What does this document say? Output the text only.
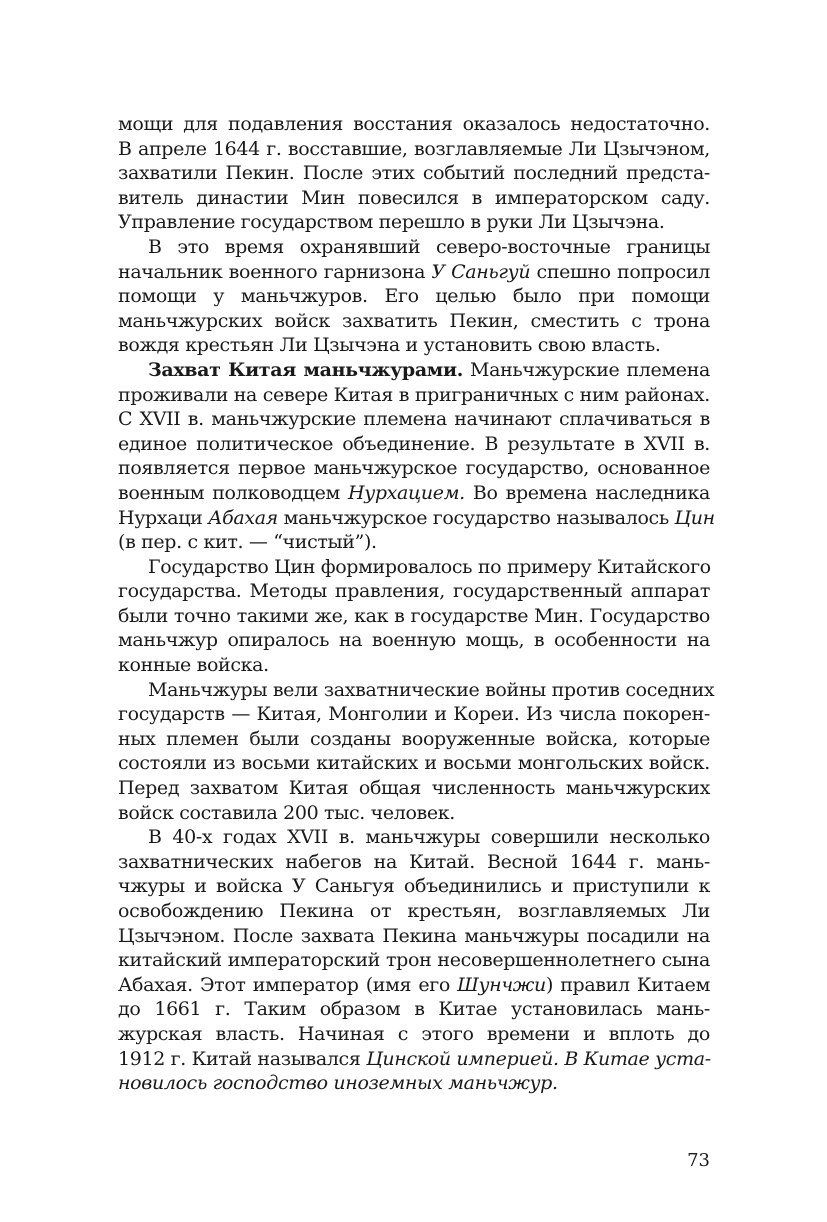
мощи для подавления восстания оказалось недостаточно.
В апреле 1644 г. восставшие, возглавляемые Ли Цзычэном,
захватили Пекин. После этих событий последний предста-
витель династии Мин повесился в императорском саду.
Управление государством перешло в руки Ли Цзычэна.
В это время охранявший северо-восточные границы
начальник военного гарнизона У Саньгуй спешно попросил
помощи у маньчжуров. Его целью было при помощи
маньчжурских войск захватить Пекин, сместить с трона
вождя крестьян Ли Цзычэна и установить свою власть.
Захват Китая маньчжурами. Маньчжурские племена
проживали на севере Китая в приграничных с ним районах.
С XVII в. маньчжурские племена начинают сплачиваться в
единое политическое объединение. В результате в XVII в.
появляется первое маньчжурское государство, основанное
военным полководцем Нурхацием. Во времена наследника
Нурхаци Абахая маньчжурское государство называлось Цин
(в пер. с кит. — “чистый”).
Государство Цин формировалось по примеру Китайского
государства. Методы правления, государственный аппарат
были точно такими же, как в государстве Мин. Государство
маньчжур опиралось на военную мощь, в особенности на
конные войска.
Маньчжуры вели захватнические войны против соседних
государств — Китая, Монголии и Кореи. Из числа покорен-
ных племен были созданы вооруженные войска, которые
состояли из восьми китайских и восьми монгольских войск.
Перед захватом Китая общая численность маньчжурских
войск составила 200 тыс. человек.
В 40-х годах XVII в. маньчжуры совершили несколько
захватнических набегов на Китай. Весной 1644 г. мань-
чжуры и войска У Саньгуя объединились и приступили к
освобождению Пекина от крестьян, возглавляемых Ли
Цзычэном. После захвата Пекина маньчжуры посадили на
китайский императорский трон несовершеннолетнего сына
Абахая. Этот император (имя его Шунчжи) правил Китаем
до 1661 г. Таким образом в Китае установилась мань-
журская власть. Начиная с этого времени и вплоть до
1912 г. Китай назывался Цинской империей. В Китае уста-
новилось господство иноземных маньчжур.
73
